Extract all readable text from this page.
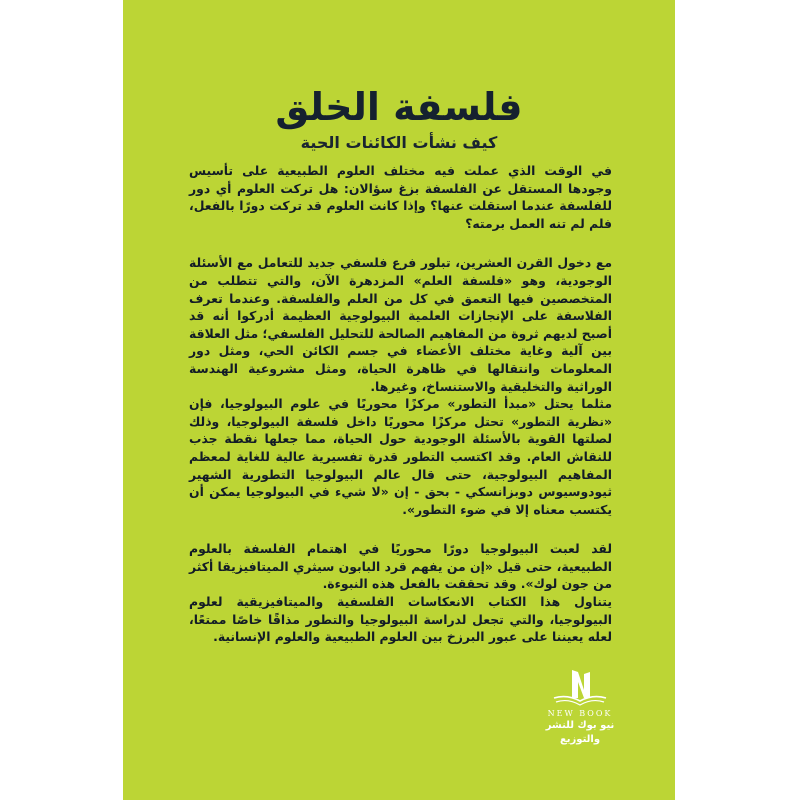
فلسفة الخلق
كيف نشأت الكائنات الحية

في الوقت الذي عملت فيه مختلف العلوم الطبيعية على تأسيس وجودها المستقل عن الفلسفة بزغ سؤالان: هل تركت العلوم أي دور للفلسفة عندما استقلت عنها؟ وإذا كانت العلوم قد تركت دورًا بالفعل، فلم لم تنه العمل برمته؟

مع دخول القرن العشرين، تبلور فرع فلسفي جديد للتعامل مع الأسئلة الوجودية، وهو «فلسفة العلم» المزدهرة الآن، والتي تتطلب من المتخصصين فيها التعمق في كل من العلم والفلسفة. وعندما تعرف الفلاسفة على الإنجازات العلمية البيولوجية العظيمة أدركوا أنه قد أصبح لديهم ثروة من المفاهيم الصالحة للتحليل الفلسفي؛ مثل العلاقة بين آلية وغاية مختلف الأعضاء في جسم الكائن الحي، ومثل دور المعلومات وانتقالها في ظاهرة الحياة، ومثل مشروعية الهندسة الوراثية والتخليقية والاستنساخ، وغيرها.

مثلما يحتل «مبدأ التطور» مركزًا محوريًا في علوم البيولوجيا، فإن «نظرية التطور» تحتل مركزًا محوريًا داخل فلسفة البيولوجيا، وذلك لصلتها القوية بالأسئلة الوجودية حول الحياة، مما جعلها نقطة جذب للنقاش العام. وقد اكتسب التطور قدرة تفسيرية عالية للغاية لمعظم المفاهيم البيولوجية، حتى قال عالم البيولوجيا التطورية الشهير ثيودوسيوس دوبزانسكي - بحق - إن «لا شيء في البيولوجيا يمكن أن يكتسب معناه إلا في ضوء التطور».

لقد لعبت البيولوجيا دورًا محوريًا في اهتمام الفلسفة بالعلوم الطبيعية، حتى قيل «إن من يفهم قرد البابون سيثري الميتافيزيقا أكثر من جون لوك». وقد تحققت بالفعل هذه النبوءة.

يتناول هذا الكتاب الانعكاسات الفلسفية والميتافيزيقية لعلوم البيولوجيا، والتي تجعل لدراسة البيولوجيا والتطور مذاقًا خاصًا ممتعًا، لعله يعيننا على عبور البرزخ بين العلوم الطبيعية والعلوم الإنسانية.

NEW BOOK
نيو بوك للنشر والتوزيع
